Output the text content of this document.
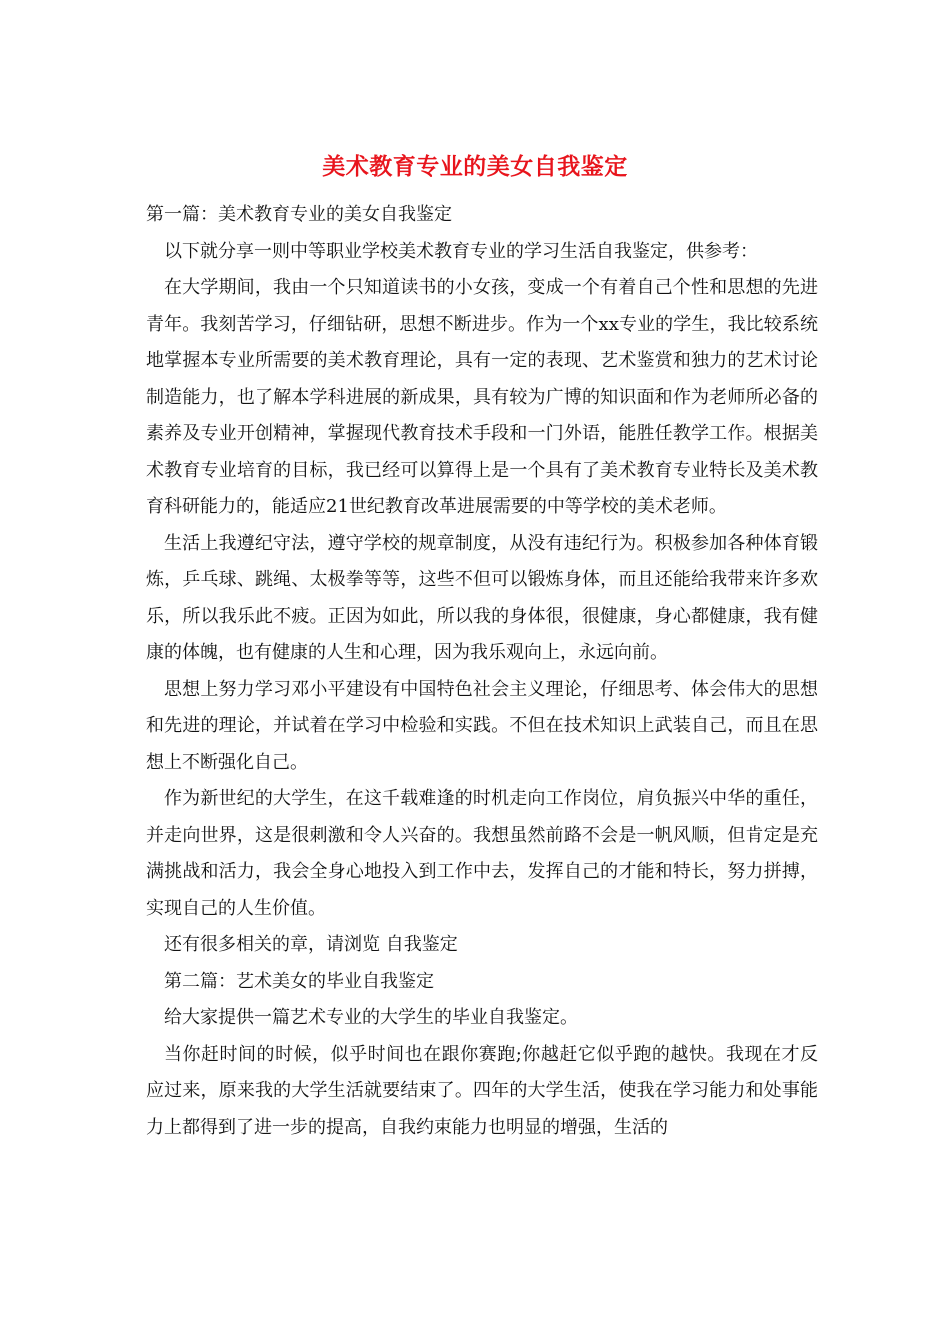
美术教育专业的美女自我鉴定

第一篇：美术教育专业的美女自我鉴定

以下就分享一则中等职业学校美术教育专业的学习生活自我鉴定，供参考：

在大学期间，我由一个只知道读书的小女孩，变成一个有着自己个性和思想的先进青年。我刻苦学习，仔细钻研，思想不断进步。作为一个xx专业的学生，我比较系统地掌握本专业所需要的美术教育理论，具有一定的表现、艺术鉴赏和独力的艺术讨论制造能力，也了解本学科进展的新成果，具有较为广博的知识面和作为老师所必备的素养及专业开创精神，掌握现代教育技术手段和一门外语，能胜任教学工作。根据美术教育专业培育的目标，我已经可以算得上是一个具有了美术教育专业特长及美术教育科研能力的，能适应21世纪教育改革进展需要的中等学校的美术老师。

生活上我遵纪守法，遵守学校的规章制度，从没有违纪行为。积极参加各种体育锻炼，乒乓球、跳绳、太极拳等等，这些不但可以锻炼身体，而且还能给我带来许多欢乐，所以我乐此不疲。正因为如此，所以我的身体很，很健康，身心都健康，我有健康的体魄，也有健康的人生和心理，因为我乐观向上，永远向前。

思想上努力学习邓小平建设有中国特色社会主义理论，仔细思考、体会伟大的思想和先进的理论，并试着在学习中检验和实践。不但在技术知识上武装自己，而且在思想上不断强化自己。

作为新世纪的大学生，在这千载难逢的时机走向工作岗位，肩负振兴中华的重任，并走向世界，这是很刺激和令人兴奋的。我想虽然前路不会是一帆风顺，但肯定是充满挑战和活力，我会全身心地投入到工作中去，发挥自己的才能和特长，努力拼搏，实现自己的人生价值。

还有很多相关的章，请浏览 自我鉴定

第二篇：艺术美女的毕业自我鉴定

给大家提供一篇艺术专业的大学生的毕业自我鉴定。

当你赶时间的时候，似乎时间也在跟你赛跑;你越赶它似乎跑的越快。我现在才反应过来，原来我的大学生活就要结束了。四年的大学生活，使我在学习能力和处事能力上都得到了进一步的提高，自我约束能力也明显的增强，生活的
